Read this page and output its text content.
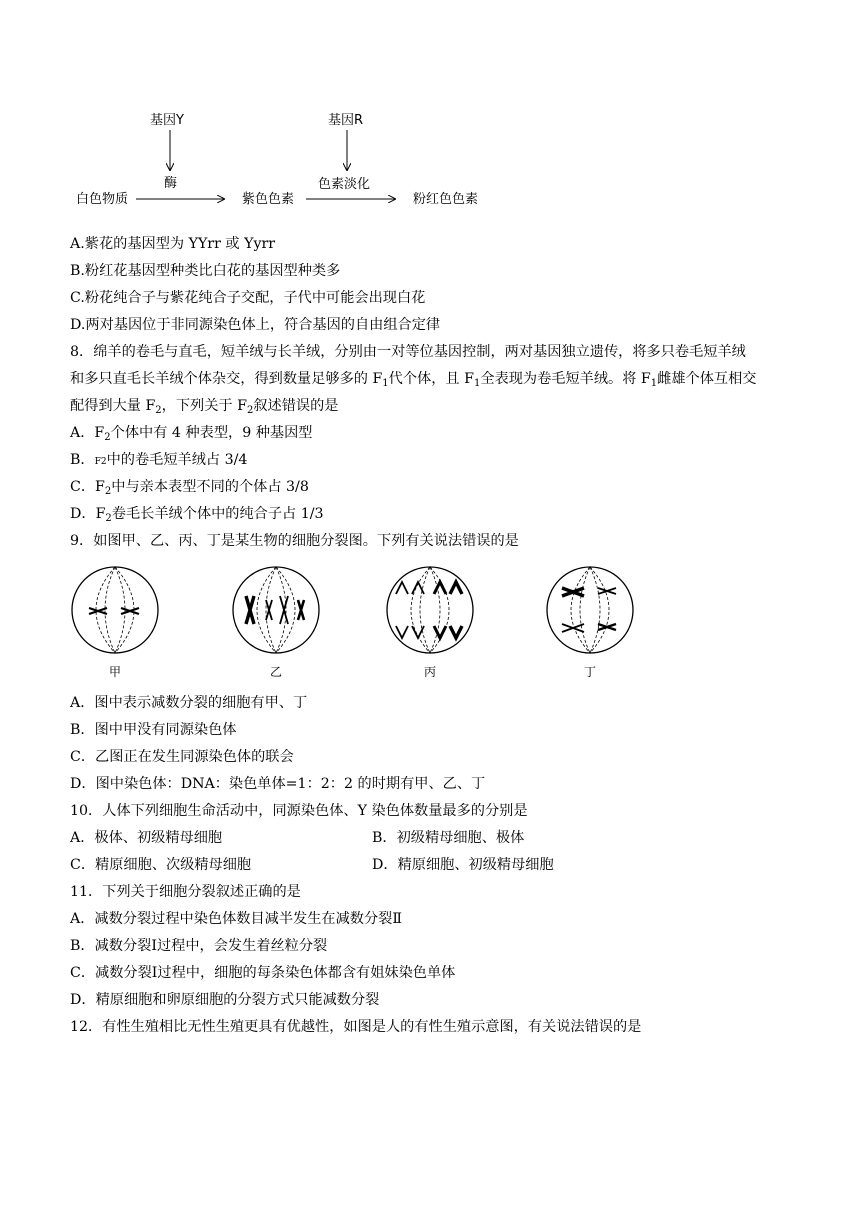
基因Y
酶
基因R
色素淡化
白色物质	紫色色素	粉红色色素
A.紫花的基因型为 YYrr 或 Yyrr
B.粉红花基因型种类比白花的基因型种类多
C.粉花纯合子与紫花纯合子交配，子代中可能会出现白花
D.两对基因位于非同源染色体上，符合基因的自由组合定律
8．绵羊的卷毛与直毛，短羊绒与长羊绒，分别由一对等位基因控制，两对基因独立遗传，将多只卷毛短羊绒
和多只直毛长羊绒个体杂交，得到数量足够多的 $F_1$代个体，且 $F_1$全表现为卷毛短羊绒。将 $F_1$雌雄个体互相交
配得到大量 $F_2$，下列关于 $F_2$叙述错误的是
A．$F_2$个体中有 4 种表型，9 种基因型
B．F2中的卷毛短羊绒占 3/4
C．$F_2$中与亲本表型不同的个体占 3/8
D．$F_2$卷毛长羊绒个体中的纯合子占 1/3
9．如图甲、乙、丙、丁是某生物的细胞分裂图。下列有关说法错误的是
甲	乙	丙	丁
A．图中表示减数分裂的细胞有甲、丁
B．图中甲没有同源染色体
C．乙图正在发生同源染色体的联会
D．图中染色体：DNA：染色单体=1：2：2 的时期有甲、乙、丁
10．人体下列细胞生命活动中，同源染色体、Y 染色体数量最多的分别是
A．极体、初级精母细胞	B．初级精母细胞、极体
C．精原细胞、次级精母细胞	D．精原细胞、初级精母细胞
11．下列关于细胞分裂叙述正确的是
A．减数分裂过程中染色体数目减半发生在减数分裂Ⅱ
B．减数分裂Ⅰ过程中，会发生着丝粒分裂
C．减数分裂Ⅰ过程中，细胞的每条染色体都含有姐妹染色单体
D．精原细胞和卵原细胞的分裂方式只能减数分裂
12．有性生殖相比无性生殖更具有优越性，如图是人的有性生殖示意图，有关说法错误的是
